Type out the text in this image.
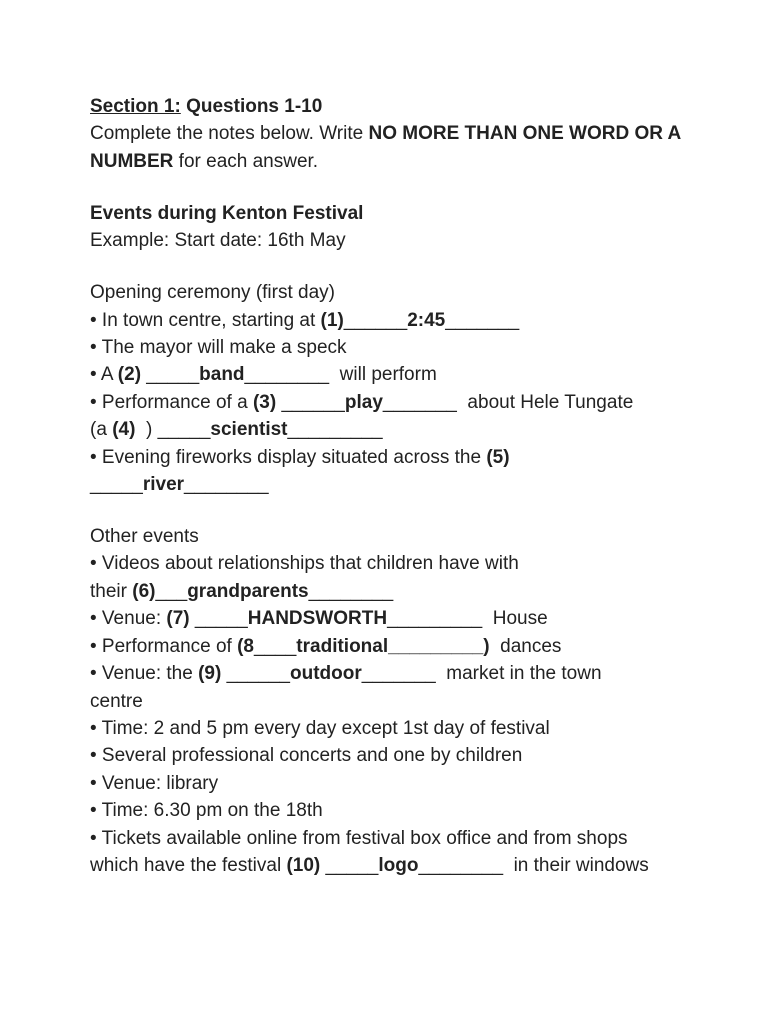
Section 1: Questions 1-10
Complete the notes below. Write NO MORE THAN ONE WORD OR A
NUMBER for each answer.
Events during Kenton Festival
Example: Start date: 16th May
Opening ceremony (first day)
• In town centre, starting at (1)______2:45_______
• The mayor will make a speck
• A (2) _____band________  will perform
• Performance of a (3) ______play_______  about Hele Tungate
(a (4)  ) _____scientist_________
• Evening fireworks display situated across the (5)
_____river________
Other events
• Videos about relationships that children have with
their (6)___grandparents________
• Venue: (7) _____HANDSWORTH_________  House
• Performance of (8____traditional_________)  dances
• Venue: the (9) ______outdoor_______  market in the town
centre
• Time: 2 and 5 pm every day except 1st day of festival
• Several professional concerts and one by children
• Venue: library
• Time: 6.30 pm on the 18th
• Tickets available online from festival box office and from shops
which have the festival (10) _____logo________  in their windows
